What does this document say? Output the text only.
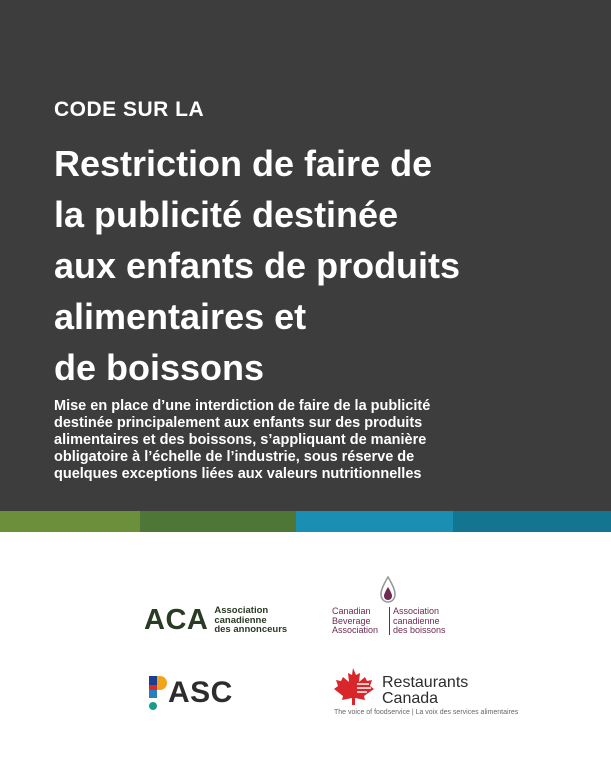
CODE SUR LA
Restriction de faire de
la publicité destinée
aux enfants de produits
alimentaires et
de boissons
Mise en place d’une interdiction de faire de la publicité
destinée principalement aux enfants sur des produits
alimentaires et des boissons, s’appliquant de manière
obligatoire à l’échelle de l’industrie, sous réserve de
quelques exceptions liées aux valeurs nutritionnelles
ACA Association
canadienne
des annonceurs
Canadian
Beverage
Association
Association
canadienne
des boissons
ASC	Restaurants
Canada
The voice of foodservice | La voix des services alimentaires
